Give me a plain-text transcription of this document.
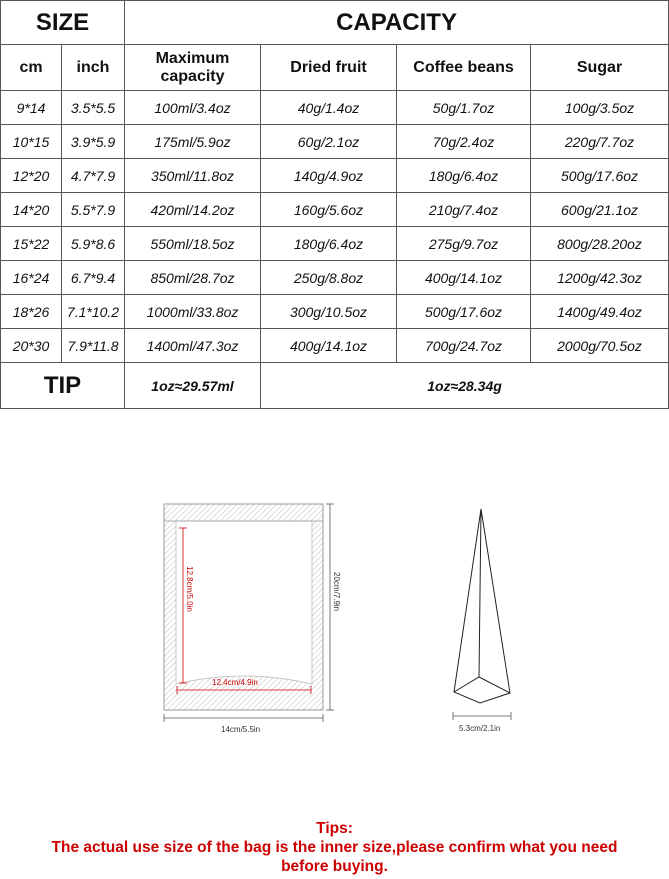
SIZE		CAPACITY			
cm	inch	Maximum capacity	Dried fruit	Coffee beans	Sugar
9*14	3.5*5.5	100ml/3.4oz	40g/1.4oz	50g/1.7oz	100g/3.5oz
10*15	3.9*5.9	175ml/5.9oz	60g/2.1oz	70g/2.4oz	220g/7.7oz
12*20	4.7*7.9	350ml/11.8oz	140g/4.9oz	180g/6.4oz	500g/17.6oz
14*20	5.5*7.9	420ml/14.2oz	160g/5.6oz	210g/7.4oz	600g/21.1oz
15*22	5.9*8.6	550ml/18.5oz	180g/6.4oz	275g/9.7oz	800g/28.20oz
16*24	6.7*9.4	850ml/28.7oz	250g/8.8oz	400g/14.1oz	1200g/42.3oz
18*26	7.1*10.2	1000ml/33.8oz	300g/10.5oz	500g/17.6oz	1400g/49.4oz
20*30	7.9*11.8	1400ml/47.3oz	400g/14.1oz	700g/24.7oz	2000g/70.5oz
TIP		1oz≈29.57ml	1oz≈28.34g		
12.8cm/5.0in
12.4cm/4.9in
20cm/7.9in
14cm/5.5in	5.3cm/2.1in
Tips:
The actual use size of the bag is the inner size,please confirm what you need
before buying.
